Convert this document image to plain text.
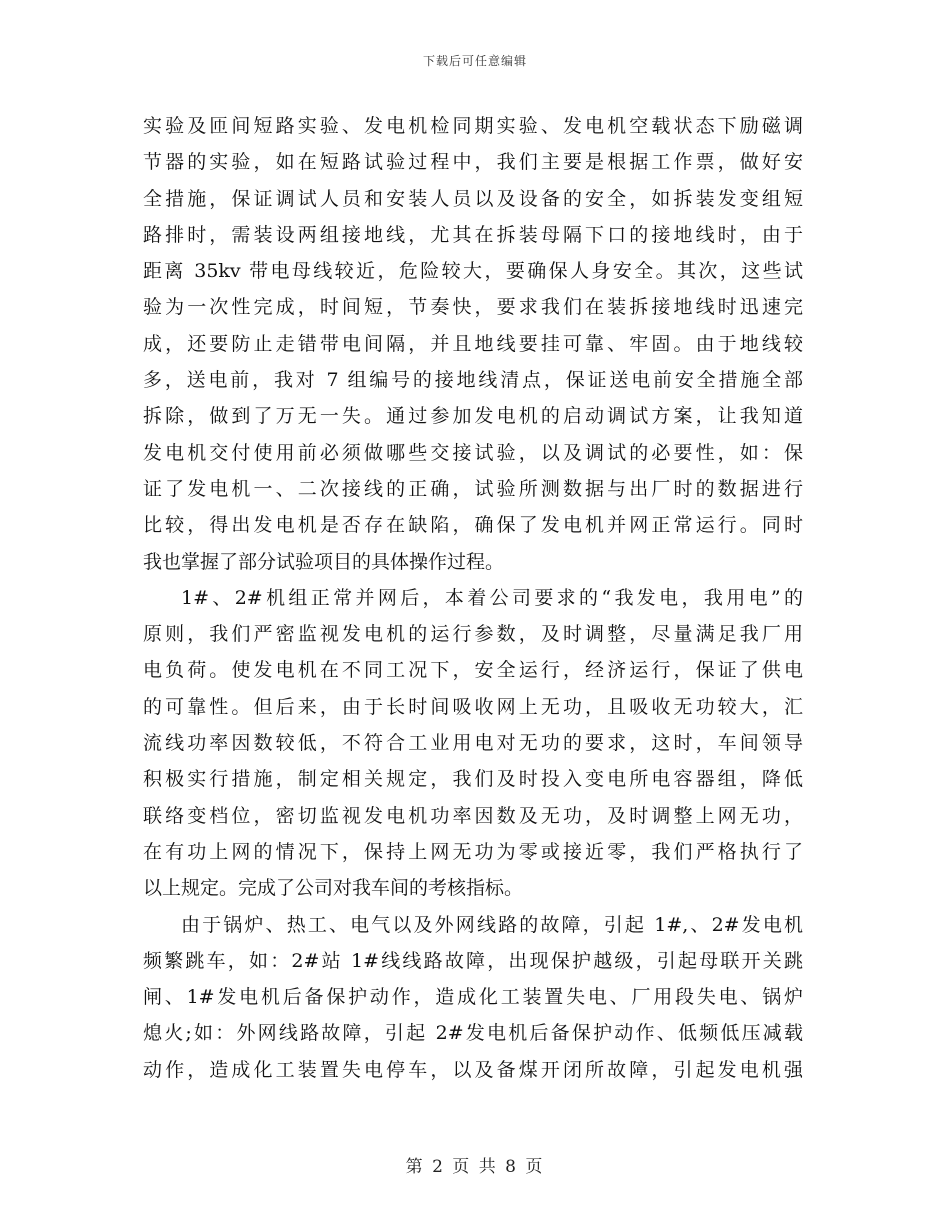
下载后可任意编辑
实验及匝间短路实验、发电机检同期实验、发电机空载状态下励磁调
节器的实验，如在短路试验过程中，我们主要是根据工作票，做好安
全措施，保证调试人员和安装人员以及设备的安全，如拆装发变组短
路排时，需装设两组接地线，尤其在拆装母隔下口的接地线时，由于
距离 35kv 带电母线较近，危险较大，要确保人身安全。其次，这些试
验为一次性完成，时间短，节奏快，要求我们在装拆接地线时迅速完
成，还要防止走错带电间隔，并且地线要挂可靠、牢固。由于地线较
多，送电前，我对 7 组编号的接地线清点，保证送电前安全措施全部
拆除，做到了万无一失。通过参加发电机的启动调试方案，让我知道
发电机交付使用前必须做哪些交接试验，以及调试的必要性，如：保
证了发电机一、二次接线的正确，试验所测数据与出厂时的数据进行
比较，得出发电机是否存在缺陷，确保了发电机并网正常运行。同时
我也掌握了部分试验项目的具体操作过程。
1#、2#机组正常并网后，本着公司要求的“我发电，我用电”的
原则，我们严密监视发电机的运行参数，及时调整，尽量满足我厂用
电负荷。使发电机在不同工况下，安全运行，经济运行，保证了供电
的可靠性。但后来，由于长时间吸收网上无功，且吸收无功较大，汇
流线功率因数较低，不符合工业用电对无功的要求，这时，车间领导
积极实行措施，制定相关规定，我们及时投入变电所电容器组，降低
联络变档位，密切监视发电机功率因数及无功，及时调整上网无功，
在有功上网的情况下，保持上网无功为零或接近零，我们严格执行了
以上规定。完成了公司对我车间的考核指标。
由于锅炉、热工、电气以及外网线路的故障，引起 1#,、2#发电机
频繁跳车，如：2#站 1#线线路故障，出现保护越级，引起母联开关跳
闸、1#发电机后备保护动作，造成化工装置失电、厂用段失电、锅炉
熄火;如：外网线路故障，引起 2#发电机后备保护动作、低频低压减载
动作，造成化工装置失电停车，以及备煤开闭所故障，引起发电机强
第 2 页 共 8 页
